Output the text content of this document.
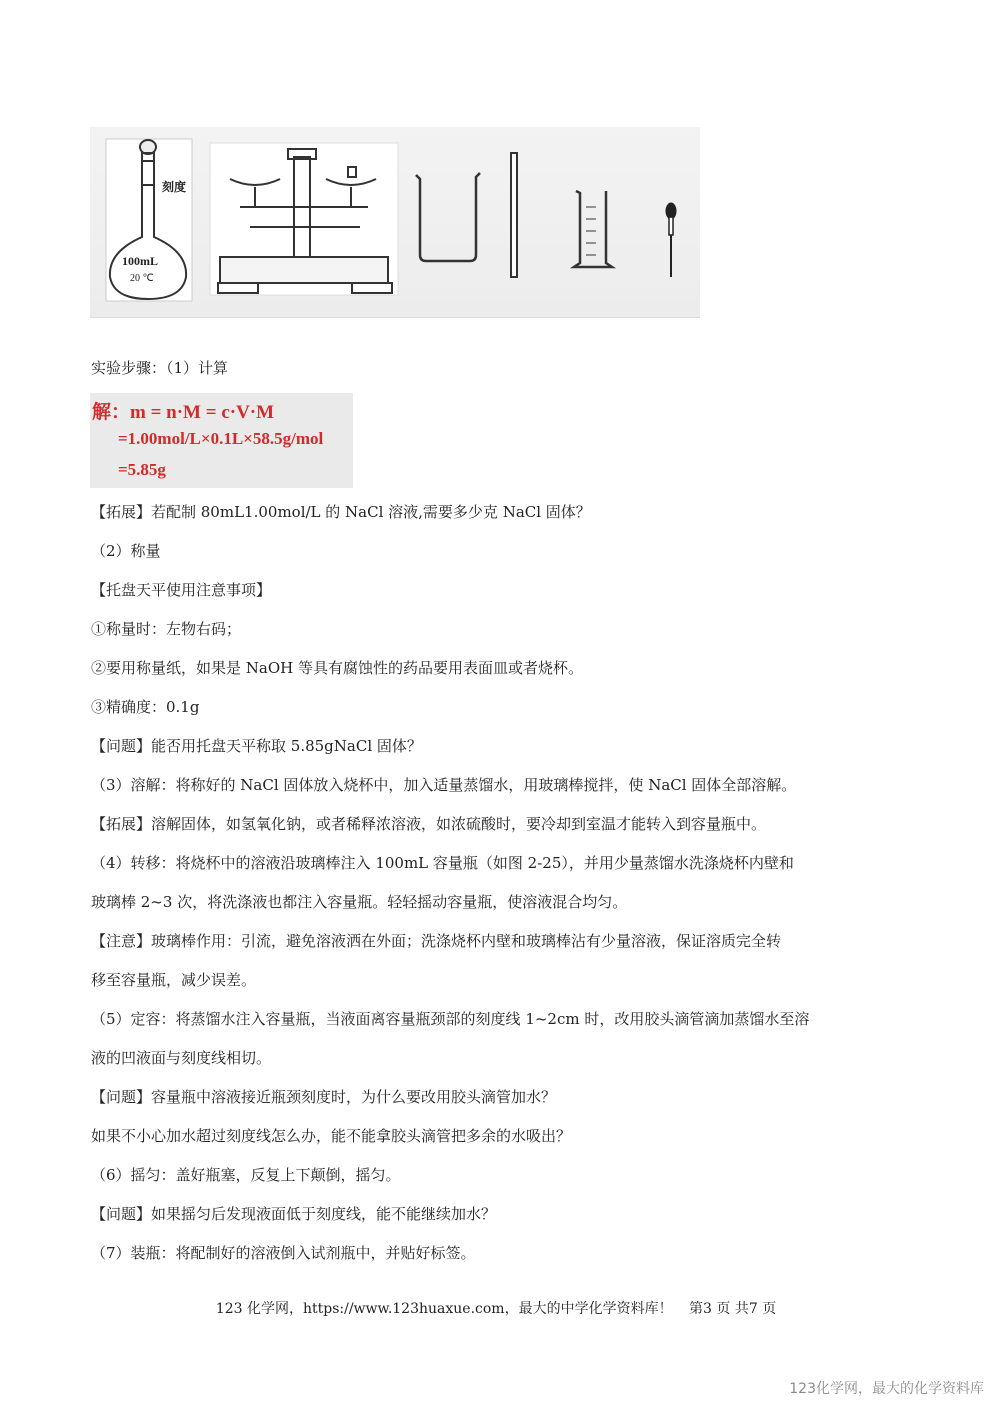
刻度
100mL
20 ℃
实验步骤：（1）计算
解：m = n·M = c·V·M
=1.00mol/L×0.1L×58.5g/mol
=5.85g
【拓展】若配制 80mL1.00mol/L 的 NaCl 溶液,需要多少克 NaCl 固体？
（2）称量
【托盘天平使用注意事项】
①称量时：左物右码；
②要用称量纸，如果是 NaOH 等具有腐蚀性的药品要用表面皿或者烧杯。
③精确度：0.1g
【问题】能否用托盘天平称取 5.85gNaCl 固体？
（3）溶解：将称好的 NaCl 固体放入烧杯中，加入适量蒸馏水，用玻璃棒搅拌，使 NaCl 固体全部溶解。
【拓展】溶解固体，如氢氧化钠，或者稀释浓溶液，如浓硫酸时，要冷却到室温才能转入到容量瓶中。
（4）转移：将烧杯中的溶液沿玻璃棒注入 100mL 容量瓶（如图 2-25），并用少量蒸馏水洗涤烧杯内壁和
玻璃棒 2~3 次，将洗涤液也都注入容量瓶。轻轻摇动容量瓶，使溶液混合均匀。
【注意】玻璃棒作用：引流，避免溶液洒在外面；洗涤烧杯内壁和玻璃棒沾有少量溶液，保证溶质完全转
移至容量瓶，减少误差。
（5）定容：将蒸馏水注入容量瓶，当液面离容量瓶颈部的刻度线 1~2cm 时，改用胶头滴管滴加蒸馏水至溶
液的凹液面与刻度线相切。
【问题】容量瓶中溶液接近瓶颈刻度时，为什么要改用胶头滴管加水？
如果不小心加水超过刻度线怎么办，能不能拿胶头滴管把多余的水吸出？
（6）摇匀：盖好瓶塞，反复上下颠倒，摇匀。
【问题】如果摇匀后发现液面低于刻度线，能不能继续加水？
（7）装瓶：将配制好的溶液倒入试剂瓶中，并贴好标签。
123 化学网，https://www.123huaxue.com，最大的中学化学资料库！ 第3 页 共7 页
123化学网，最大的化学资料库
